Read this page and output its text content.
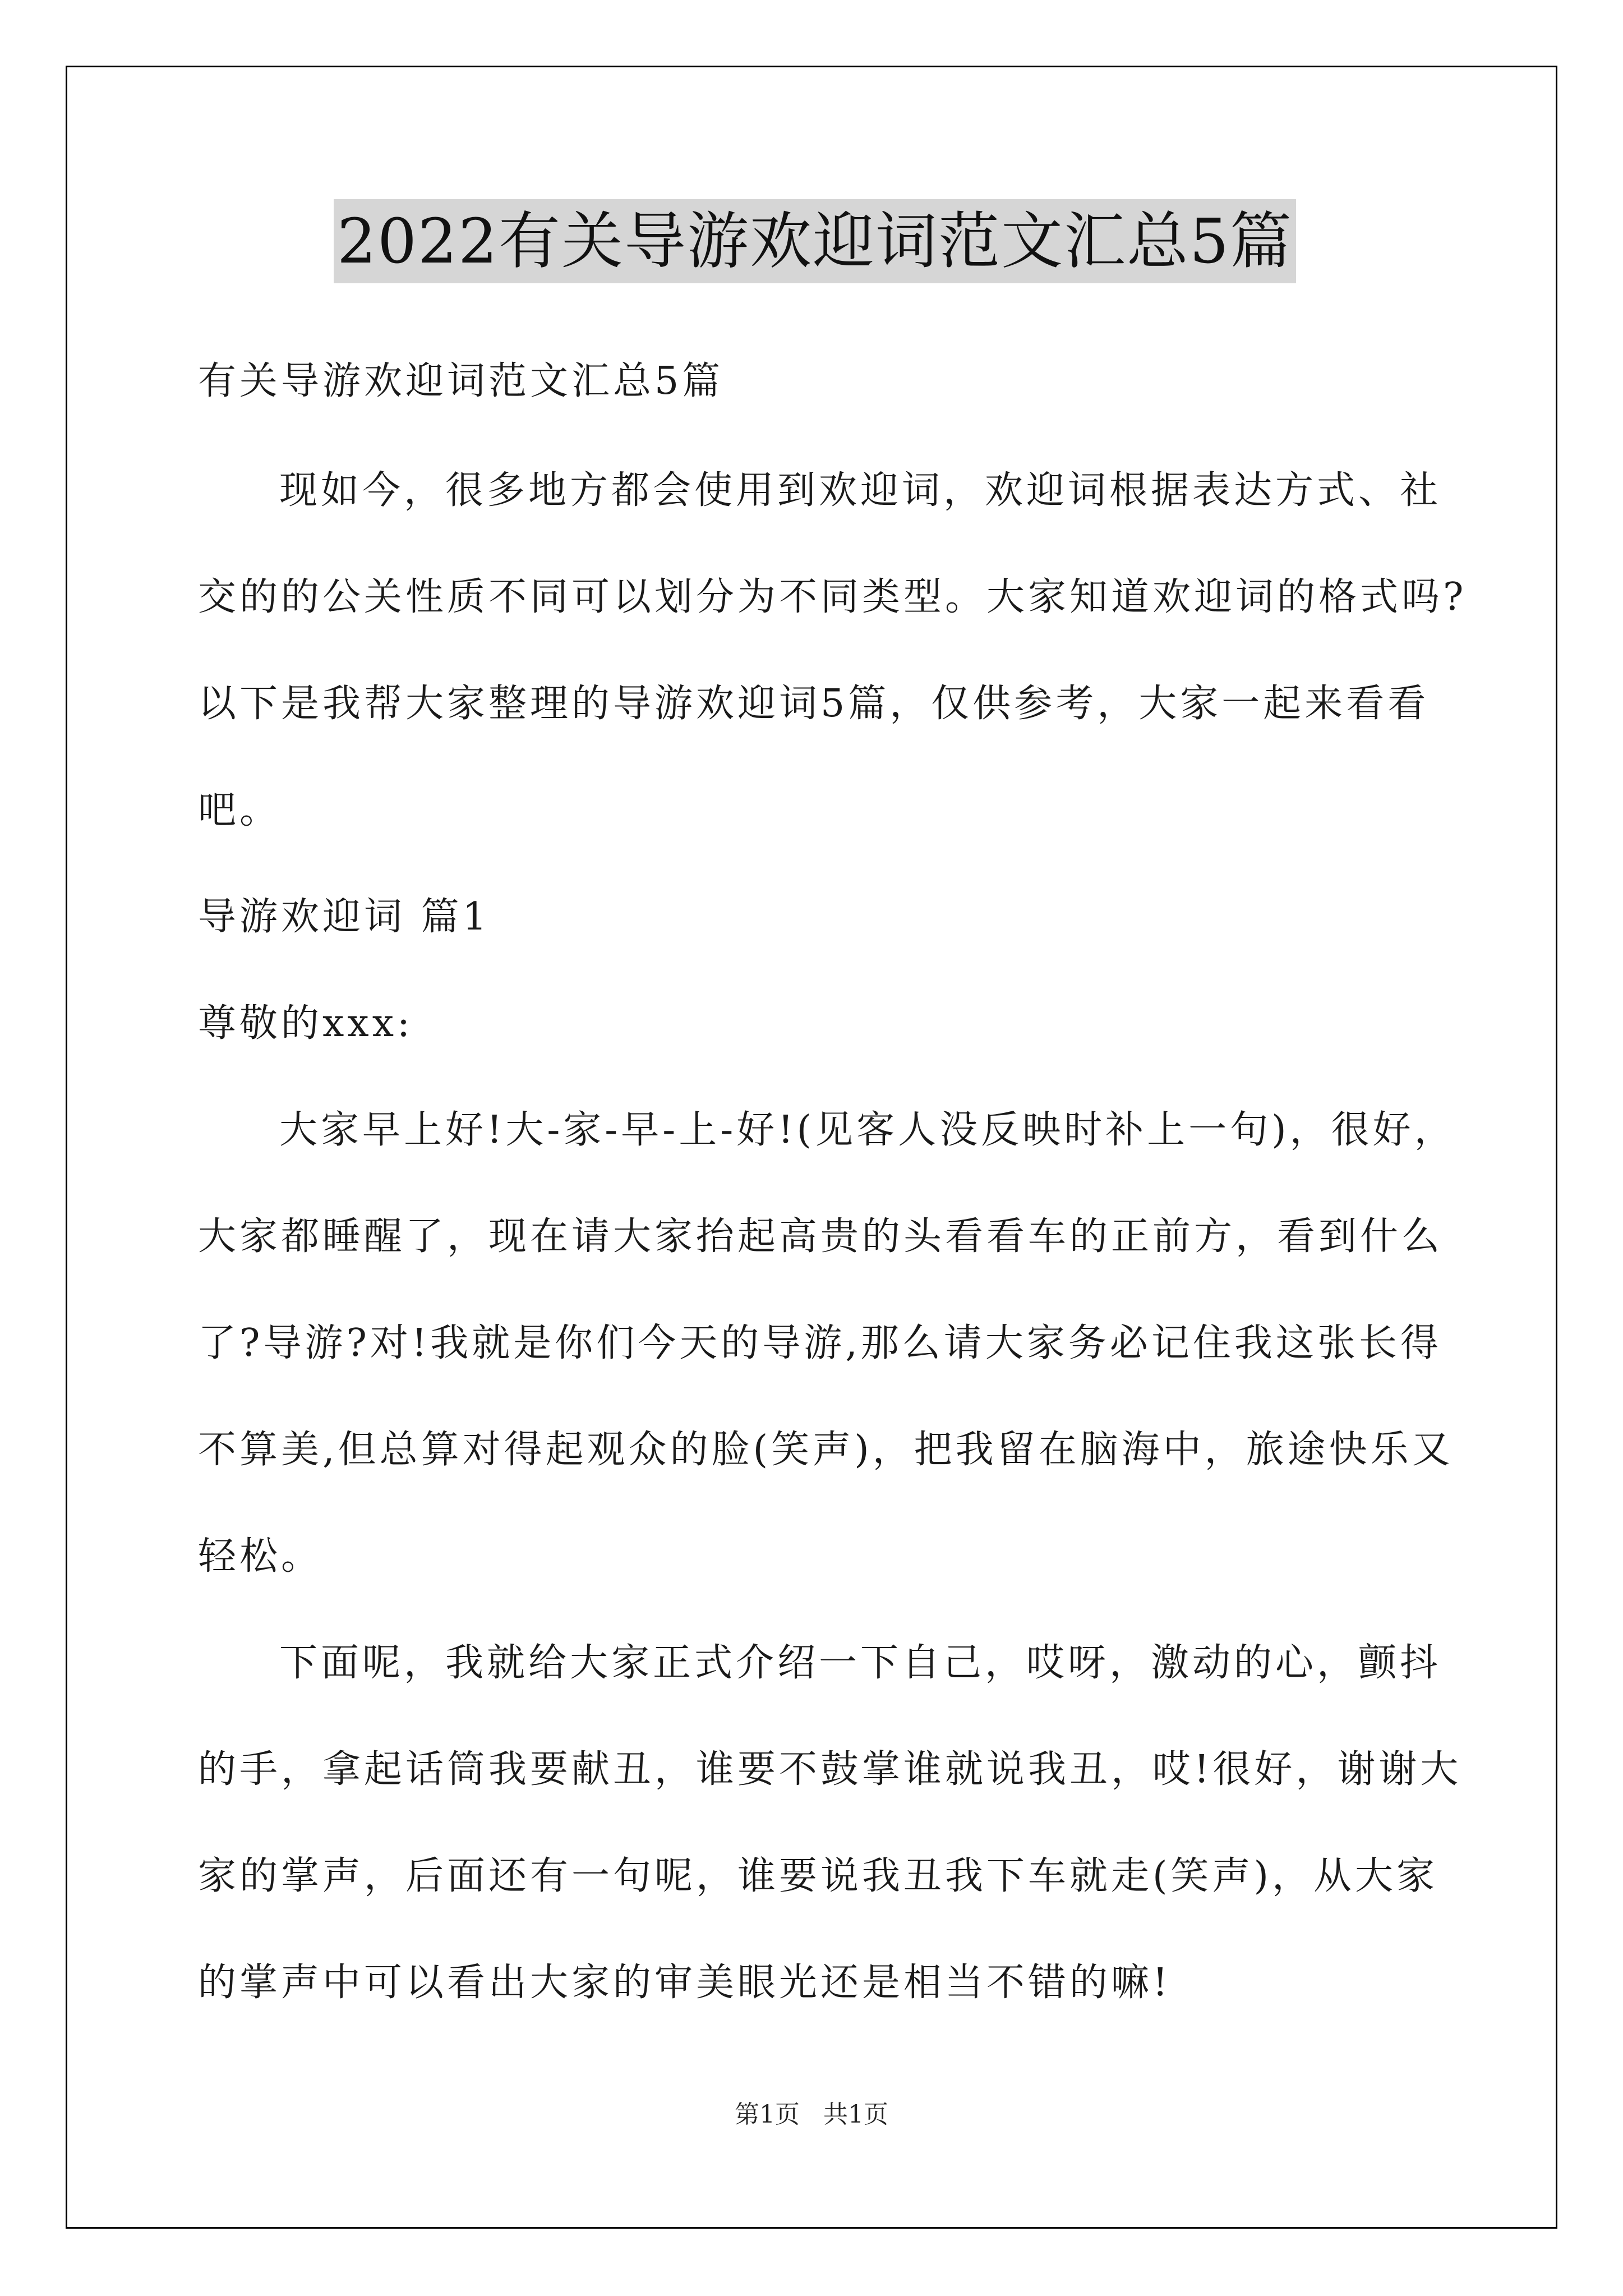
2022有关导游欢迎词范文汇总5篇
有关导游欢迎词范文汇总5篇
现如今，很多地方都会使用到欢迎词，欢迎词根据表达方式、社
交的的公关性质不同可以划分为不同类型。大家知道欢迎词的格式吗?
以下是我帮大家整理的导游欢迎词5篇，仅供参考，大家一起来看看
吧。
导游欢迎词 篇1
尊敬的xxx:
大家早上好!大-家-早-上-好!(见客人没反映时补上一句)，很好，
大家都睡醒了，现在请大家抬起高贵的头看看车的正前方，看到什么
了?导游?对!我就是你们今天的导游,那么请大家务必记住我这张长得
不算美,但总算对得起观众的脸(笑声)，把我留在脑海中，旅途快乐又
轻松。
下面呢，我就给大家正式介绍一下自己，哎呀，激动的心，颤抖
的手，拿起话筒我要献丑，谁要不鼓掌谁就说我丑，哎!很好，谢谢大
家的掌声，后面还有一句呢，谁要说我丑我下车就走(笑声)，从大家
的掌声中可以看出大家的审美眼光还是相当不错的嘛!
第1页 共1页
